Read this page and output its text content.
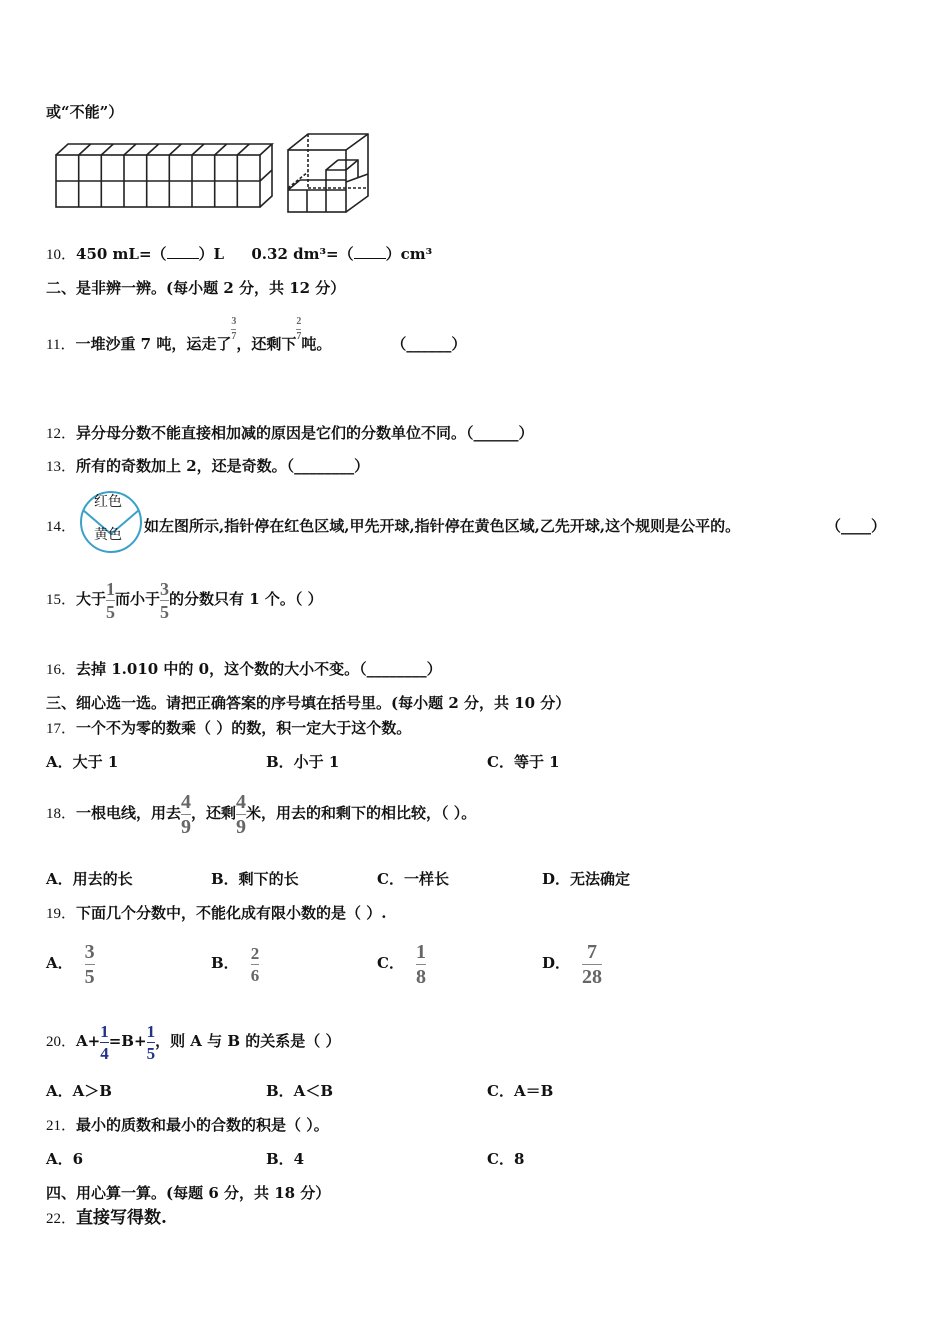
或“不能”）
10．450 mL=（ ）L 0.32 dm³=（ ）cm³
二、是非辨一辨。(每小题 2 分，共 12 分）
11．一堆沙重 7 吨，运走了
$\frac{3}{7}$
，还剩下
$\frac{2}{7}$
吨。	（______）
12．异分母分数不能直接相加减的原因是它们的分数单位不同。（______）
13．所有的奇数加上 2，还是奇数。（________）
14．
红色
黄色 如左图所示,指针停在红色区域,甲先开球,指针停在黄色区域,乙先开球,这个规则是公平的。	（____）
15．大于 $\frac{1}{5}$ 而小于 $\frac{3}{5}$ 的分数只有 1 个。（ ）
16．去掉 1.010 中的 0，这个数的大小不变。（________）
三、细心选一选。请把正确答案的序号填在括号里。(每小题 2 分，共 10 分）
17．一个不为零的数乘（ ）的数，积一定大于这个数。
A．大于 1	B．小于 1	C．等于 1
18．一根电线，用去 $\frac{4}{9}$ ，还剩 $\frac{4}{9}$ 米，用去的和剩下的相比较，（ ）。
A．用去的长	B．剩下的长	C．一样长	D．无法确定
19．下面几个分数中，不能化成有限小数的是（ ）.
A． $\frac{3}{5}$	B． $\frac{2}{6}$	C． $\frac{1}{8}$	D． $\frac{7}{28}$
20．$A+ \frac{1}{4} =B+ \frac{1}{5}$ ，则 A 与 B 的关系是（ ）
A．A＞B	B．A＜B	C．A＝B
21．最小的质数和最小的合数的积是（ ）。
A．6	B．4	C．8
四、用心算一算。(每题 6 分，共 18 分）
22．直接写得数.
